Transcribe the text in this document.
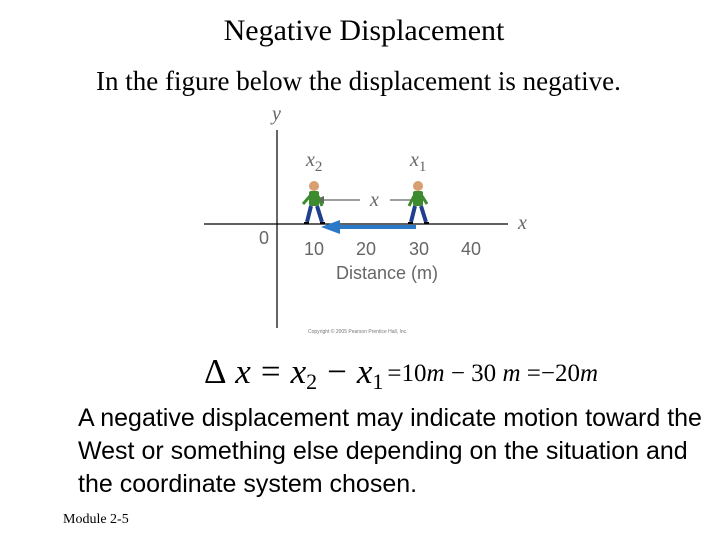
Negative Displacement
In the figure below the displacement is negative.
y
x
0
10 20 30 40
Distance (m)
$x_2$	$x_1$
x
Copyright © 2005 Pearson Prentice Hall, Inc.
Δ x = x2 − x1 =10m − 30 m =−20m
A negative displacement may indicate motion toward the West or something else depending on the situation and the coordinate system chosen.
Module 2-5
